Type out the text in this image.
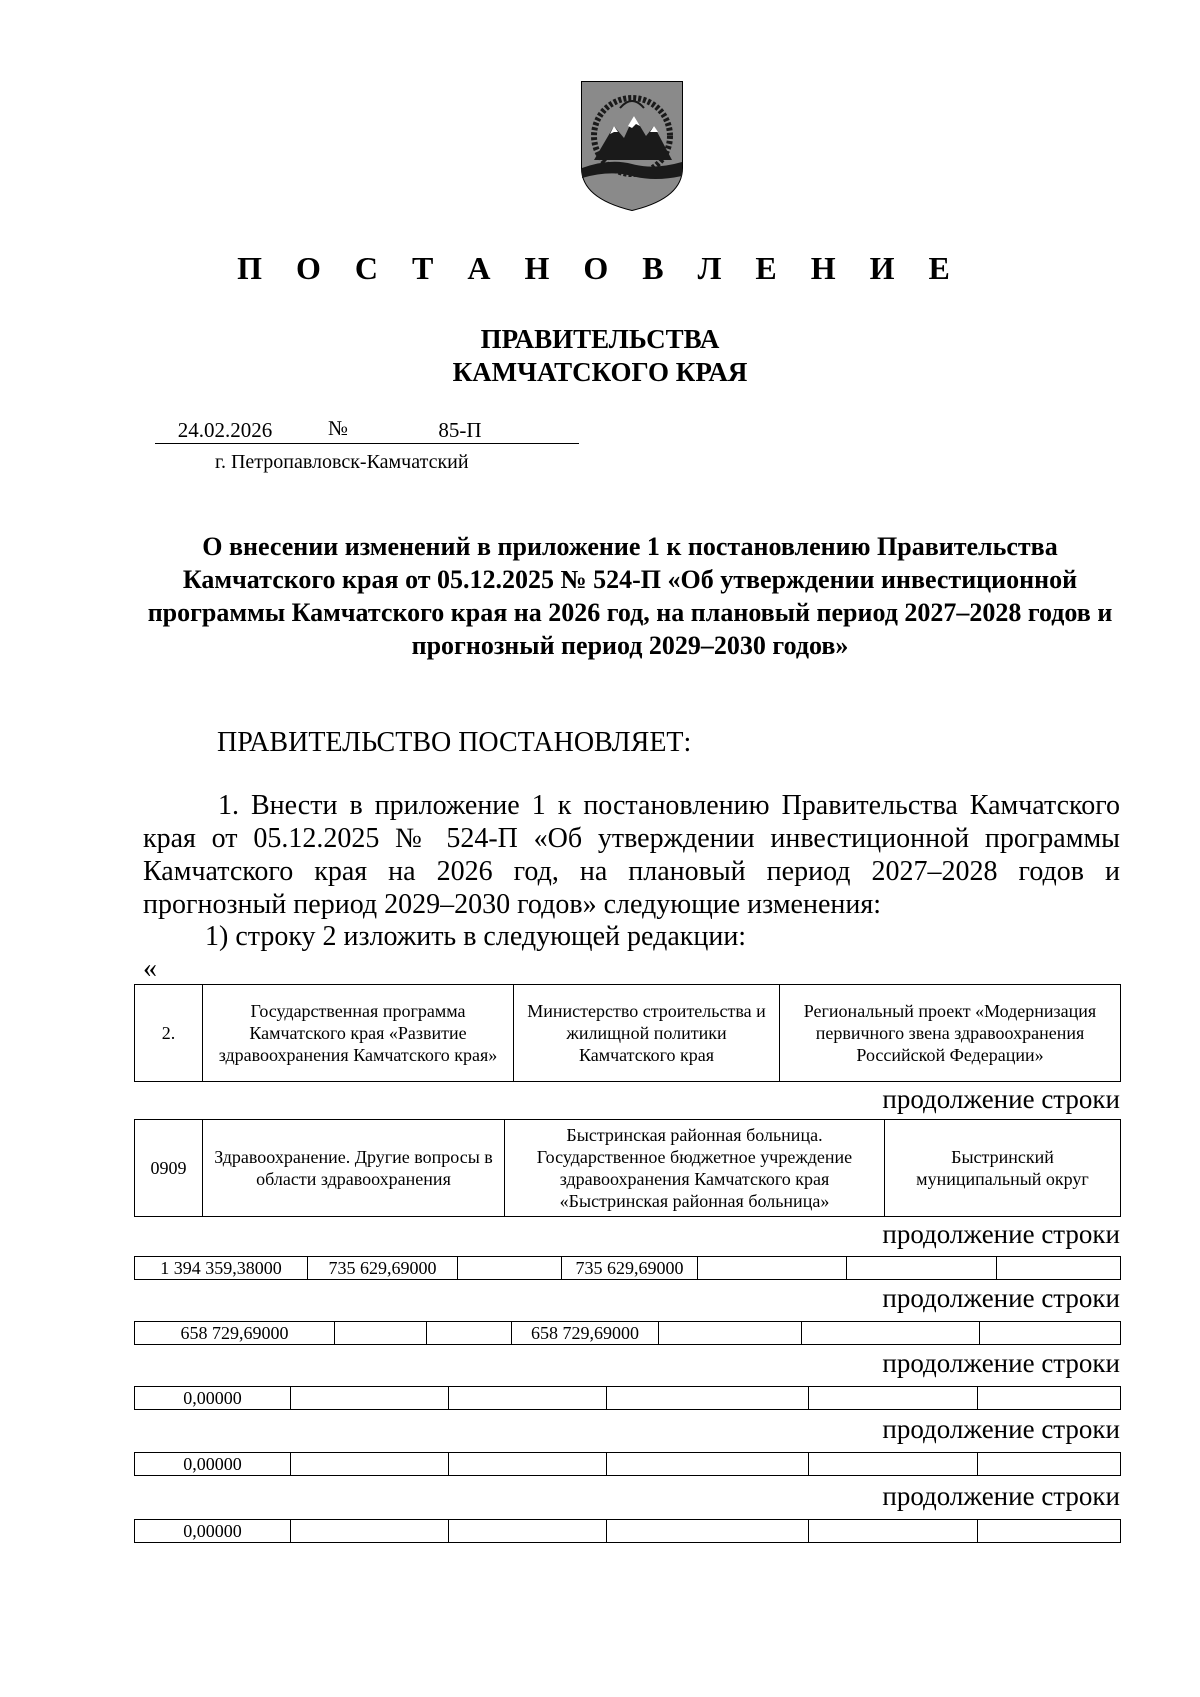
П О С Т А Н О В Л Е Н И Е
ПРАВИТЕЛЬСТВА
КАМЧАТСКОГО КРАЯ
24.02.2026	№	85-П
г. Петропавловск-Камчатский
О внесении изменений в приложение 1 к постановлению Правительства Камчатского края от 05.12.2025 № 524-П «Об утверждении инвестиционной программы Камчатского края на 2026 год, на плановый период 2027–2028 годов и прогнозный период 2029–2030 годов»
ПРАВИТЕЛЬСТВО ПОСТАНОВЛЯЕТ:
1. Внести в приложение 1 к постановлению Правительства Камчатского края от 05.12.2025 № 524-П «Об утверждении инвестиционной программы Камчатского края на 2026 год, на плановый период 2027–2028 годов и прогнозный период 2029–2030 годов» следующие изменения:
1) строку 2 изложить в следующей редакции:
«
2.	Государственная программа Камчатского края «Развитие здравоохранения Камчатского края»	Министерство строительства и жилищной политики Камчатского края	Региональный проект «Модернизация первичного звена здравоохранения Российской Федерации»
продолжение строки
0909	Здравоохранение. Другие вопросы в области здравоохранения	Быстринская районная больница. Государственное бюджетное учреждение здравоохранения Камчатского края «Быстринская районная больница»	Быстринский муниципальный округ
продолжение строки
1 394 359,38000	735 629,69000		735 629,69000			
продолжение строки
658 729,69000			658 729,69000			
продолжение строки
0,00000					
продолжение строки
0,00000					
продолжение строки
0,00000					
